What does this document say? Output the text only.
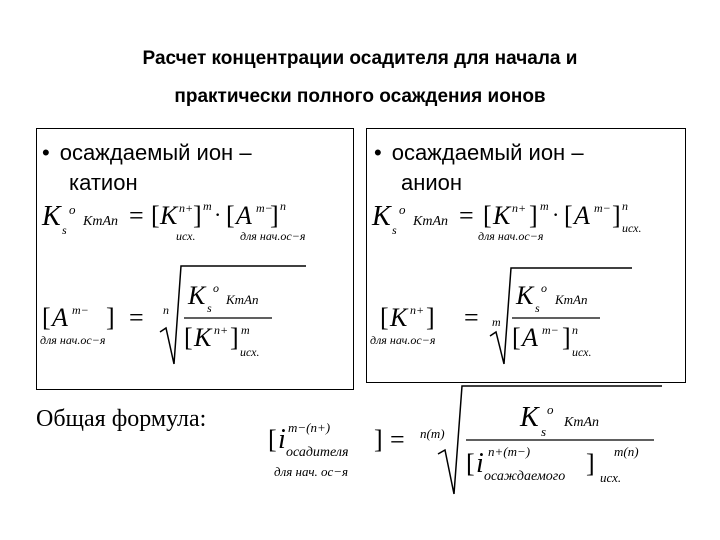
Расчет концентрации осадителя для начала и
практически полного осаждения ионов
• осаждаемый ион –
катион
K s
o
KmAn = [ K n+ ] m · [ A m−
] n
исх.	для нач.ос−я
[ A m− ]
для нач.ос−я
= n K s
o
KmAn
[ K n+ ] m
исх.
• осаждаемый ион –
анион
K s
o
KmAn = [ K n+ ] m · [ A m− ] n
для нач.ос−я
исх.
[ K n+ ]
для нач.ос−я
= m
K s
o
KmAn
[ A m− ] n
исх.
Общая формула:
[ i m−(n+)
осадителя ]
для нач. ос−я
= n(m)
K s
o
KmAn
[ i n+(m−)
осаждаемого ] m(n)
исх.
